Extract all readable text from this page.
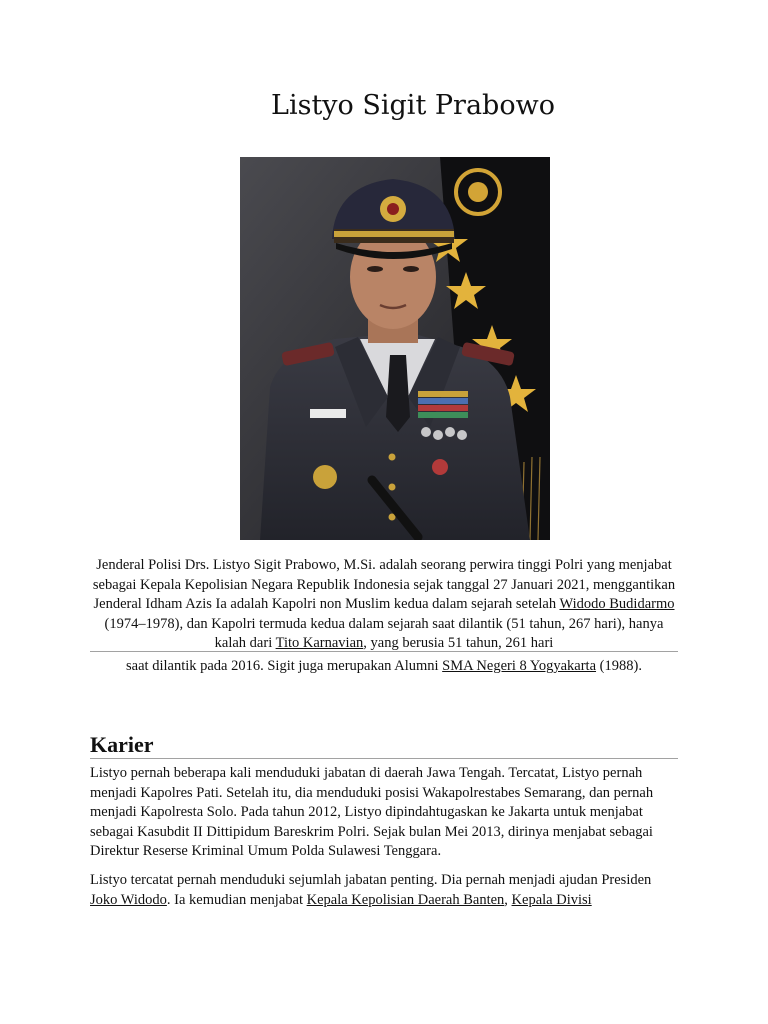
Listyo Sigit Prabowo

Jenderal Polisi Drs. Listyo Sigit Prabowo, M.Si. adalah seorang perwira tinggi Polri yang menjabat sebagai Kepala Kepolisian Negara Republik Indonesia sejak tanggal 27 Januari 2021, menggantikan Jenderal Idham Azis Ia adalah Kapolri non Muslim kedua dalam sejarah setelah Widodo Budidarmo (1974–1978), dan Kapolri termuda kedua dalam sejarah saat dilantik (51 tahun, 267 hari), hanya kalah dari Tito Karnavian, yang berusia 51 tahun, 261 hari

saat dilantik pada 2016. Sigit juga merupakan Alumni SMA Negeri 8 Yogyakarta (1988).

Karier

Listyo pernah beberapa kali menduduki jabatan di daerah Jawa Tengah. Tercatat, Listyo pernah menjadi Kapolres Pati. Setelah itu, dia menduduki posisi Wakapolrestabes Semarang, dan pernah menjadi Kapolresta Solo. Pada tahun 2012, Listyo dipindahtugaskan ke Jakarta untuk menjabat sebagai Kasubdit II Dittipidum Bareskrim Polri. Sejak bulan Mei 2013, dirinya menjabat sebagai Direktur Reserse Kriminal Umum Polda Sulawesi Tenggara.

Listyo tercatat pernah menduduki sejumlah jabatan penting. Dia pernah menjadi ajudan Presiden Joko Widodo. Ia kemudian menjabat Kepala Kepolisian Daerah Banten, Kepala Divisi
